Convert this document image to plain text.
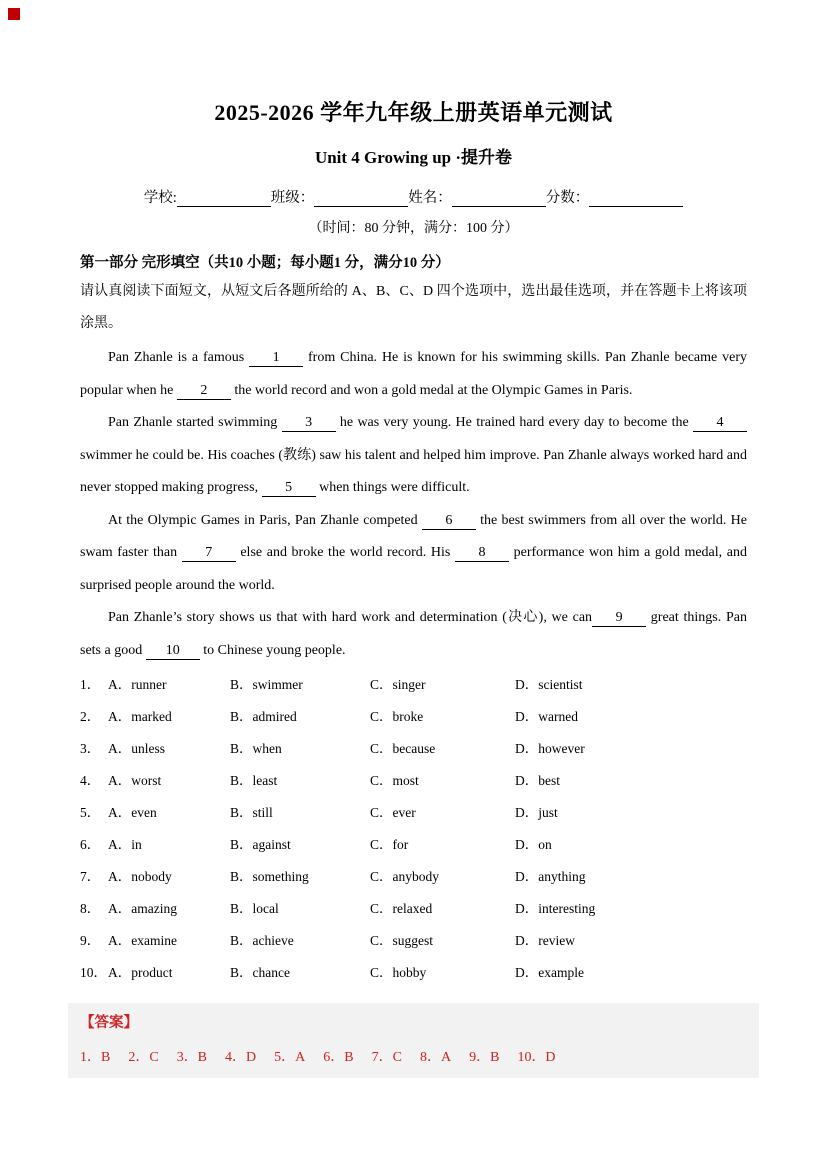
2025-2026 学年九年级上册英语单元测试
Unit 4 Growing up ·提升卷
学校:	班级：	姓名：	分数：
（时间：80 分钟，满分：100 分）
第一部分 完形填空（共10 小题；每小题1 分，满分10 分）

请认真阅读下面短文，从短文后各题所给的 A、B、C、D 四个选项中，选出最佳选项，并在答题卡上将该项涂黑。

Pan Zhanle is a famous 1 from China. He is known for his swimming skills. Pan Zhanle became very popular when he 2 the world record and won a gold medal at the Olympic Games in Paris.

Pan Zhanle started swimming 3 he was very young. He trained hard every day to become the 4 swimmer he could be. His coaches (教练) saw his talent and helped him improve. Pan Zhanle always worked hard and never stopped making progress, 5 when things were difficult.

At the Olympic Games in Paris, Pan Zhanle competed 6 the best swimmers from all over the world. He swam faster than 7 else and broke the world record. His 8 performance won him a gold medal, and surprised people around the world.

Pan Zhanle’s story shows us that with hard work and determination (决心), we can 9 great things. Pan sets a good 10 to Chinese young people.

1． A．runner	B．swimmer	C．singer	D．scientist
2． A．marked	B．admired	C．broke	D．warned
3． A．unless	B．when	C．because	D．however
4． A．worst	B．least	C．most	D．best
5． A．even	B．still	C．ever	D．just
6． A．in	B．against	C．for	D．on
7． A．nobody	B．something	C．anybody	D．anything
8． A．amazing	B．local	C．relaxed	D．interesting
9． A．examine	B．achieve	C．suggest	D．review
10． A．product	B．chance	C．hobby	D．example
【答案】
1．B 2．C 3．B 4．D 5．A 6．B 7．C 8．A 9．B 10．D
